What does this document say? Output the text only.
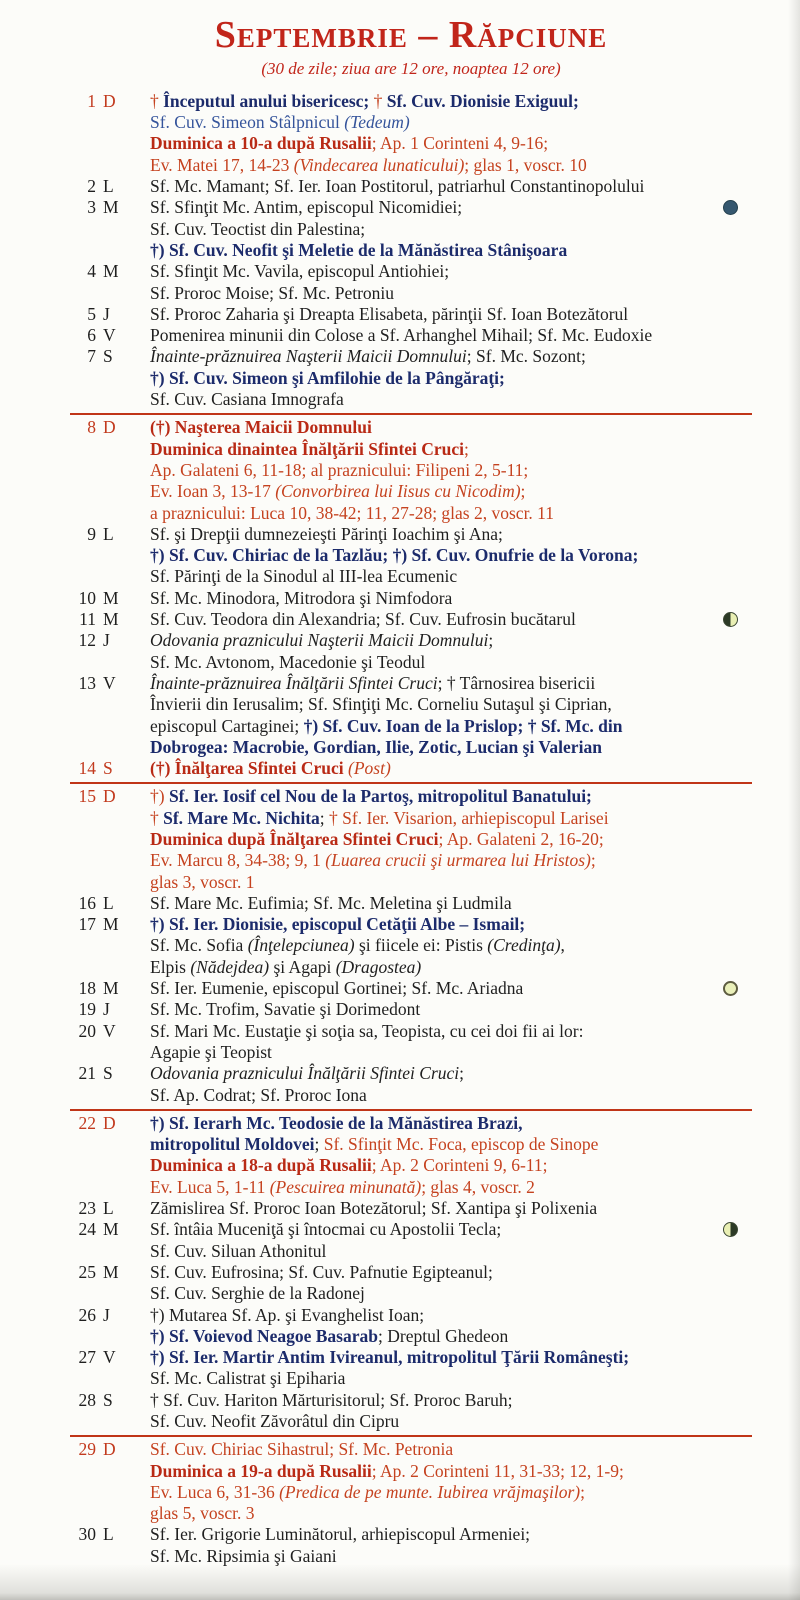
Septembrie – Răpciune
(30 de zile; ziua are 12 ore, noaptea 12 ore)
1 D	† Începutul anului bisericesc; † Sf. Cuv. Dionisie Exiguul;
Sf. Cuv. Simeon Stâlpnicul (Tedeum)
Duminica a 10-a după Rusalii; Ap. 1 Corinteni 4, 9-16;
Ev. Matei 17, 14-23 (Vindecarea lunaticului); glas 1, voscr. 10
2 L	Sf. Mc. Mamant; Sf. Ier. Ioan Postitorul, patriarhul Constantinopolului
3 M	Sf. Sfinţit Mc. Antim, episcopul Nicomidiei;
Sf. Cuv. Teoctist din Palestina;
†) Sf. Cuv. Neofit şi Meletie de la Mănăstirea Stânişoara
4 M	Sf. Sfinţit Mc. Vavila, episcopul Antiohiei;
Sf. Proroc Moise; Sf. Mc. Petroniu
5 J	Sf. Proroc Zaharia şi Dreapta Elisabeta, părinţii Sf. Ioan Botezătorul
6 V	Pomenirea minunii din Colose a Sf. Arhanghel Mihail; Sf. Mc. Eudoxie
7 S	Înainte-prăznuirea Naşterii Maicii Domnului; Sf. Mc. Sozont;
†) Sf. Cuv. Simeon şi Amfilohie de la Pângăraţi;
Sf. Cuv. Casiana Imnografa
8 D	(†) Naşterea Maicii Domnului
Duminica dinaintea Înălţării Sfintei Cruci;
Ap. Galateni 6, 11-18; al praznicului: Filipeni 2, 5-11;
Ev. Ioan 3, 13-17 (Convorbirea lui Iisus cu Nicodim);
a praznicului: Luca 10, 38-42; 11, 27-28; glas 2, voscr. 11
9 L	Sf. şi Drepţii dumnezeieşti Părinţi Ioachim şi Ana;
†) Sf. Cuv. Chiriac de la Tazlău; †) Sf. Cuv. Onufrie de la Vorona;
Sf. Părinţi de la Sinodul al III-lea Ecumenic
10 M	Sf. Mc. Minodora, Mitrodora şi Nimfodora
11 M	Sf. Cuv. Teodora din Alexandria; Sf. Cuv. Eufrosin bucătarul
12 J	Odovania praznicului Naşterii Maicii Domnului;
Sf. Mc. Avtonom, Macedonie şi Teodul
13 V	Înainte-prăznuirea Înălţării Sfintei Cruci; † Târnosirea bisericii
Învierii din Ierusalim; Sf. Sfinţiţi Mc. Corneliu Sutaşul şi Ciprian,
episcopul Cartaginei; †) Sf. Cuv. Ioan de la Prislop; † Sf. Mc. din
Dobrogea: Macrobie, Gordian, Ilie, Zotic, Lucian şi Valerian
14 S	(†) Înălţarea Sfintei Cruci (Post)
15 D	†) Sf. Ier. Iosif cel Nou de la Partoş, mitropolitul Banatului;
† Sf. Mare Mc. Nichita; † Sf. Ier. Visarion, arhiepiscopul Larisei
Duminica după Înălţarea Sfintei Cruci; Ap. Galateni 2, 16-20;
Ev. Marcu 8, 34-38; 9, 1 (Luarea crucii şi urmarea lui Hristos);
glas 3, voscr. 1
16 L	Sf. Mare Mc. Eufimia; Sf. Mc. Meletina şi Ludmila
17 M	†) Sf. Ier. Dionisie, episcopul Cetăţii Albe – Ismail;
Sf. Mc. Sofia (Înţelepciunea) şi fiicele ei: Pistis (Credinţa),
Elpis (Nădejdea) şi Agapi (Dragostea)
18 M	Sf. Ier. Eumenie, episcopul Gortinei; Sf. Mc. Ariadna
19 J	Sf. Mc. Trofim, Savatie şi Dorimedont
20 V	Sf. Mari Mc. Eustaţie şi soţia sa, Teopista, cu cei doi fii ai lor:
Agapie şi Teopist
21 S	Odovania praznicului Înălţării Sfintei Cruci;
Sf. Ap. Codrat; Sf. Proroc Iona
22 D	†) Sf. Ierarh Mc. Teodosie de la Mănăstirea Brazi,
mitropolitul Moldovei; Sf. Sfinţit Mc. Foca, episcop de Sinope
Duminica a 18-a după Rusalii; Ap. 2 Corinteni 9, 6-11;
Ev. Luca 5, 1-11 (Pescuirea minunată); glas 4, voscr. 2
23 L	Zămislirea Sf. Proroc Ioan Botezătorul; Sf. Xantipa şi Polixenia
24 M	Sf. întâia Muceniţă şi întocmai cu Apostolii Tecla;
Sf. Cuv. Siluan Athonitul
25 M	Sf. Cuv. Eufrosina; Sf. Cuv. Pafnutie Egipteanul;
Sf. Cuv. Serghie de la Radonej
26 J	†) Mutarea Sf. Ap. şi Evanghelist Ioan;
†) Sf. Voievod Neagoe Basarab; Dreptul Ghedeon
27 V	†) Sf. Ier. Martir Antim Ivireanul, mitropolitul Ţării Româneşti;
Sf. Mc. Calistrat şi Epiharia
28 S	† Sf. Cuv. Hariton Mărturisitorul; Sf. Proroc Baruh;
Sf. Cuv. Neofit Zăvorâtul din Cipru
29 D	Sf. Cuv. Chiriac Sihastrul; Sf. Mc. Petronia
Duminica a 19-a după Rusalii; Ap. 2 Corinteni 11, 31-33; 12, 1-9;
Ev. Luca 6, 31-36 (Predica de pe munte. Iubirea vrăjmaşilor);
glas 5, voscr. 3
30 L	Sf. Ier. Grigorie Luminătorul, arhiepiscopul Armeniei;
Sf. Mc. Ripsimia şi Gaiani
